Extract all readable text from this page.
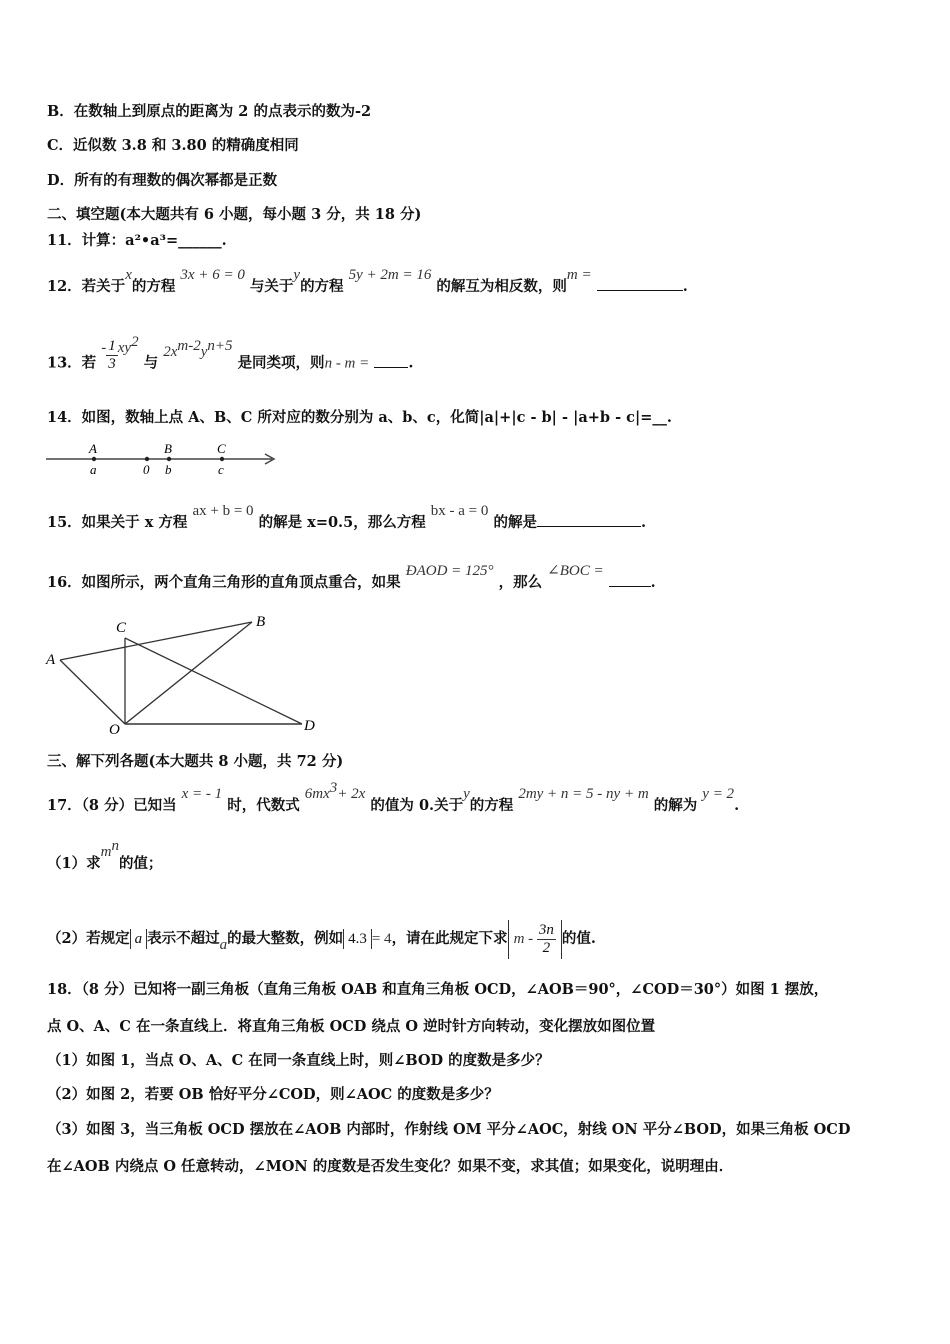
B．在数轴上到原点的距离为 2 的点表示的数为-2
C．近似数 3.8 和 3.80 的精确度相同
D．所有的有理数的偶次幂都是正数
二、填空题(本大题共有 6 小题，每小题 3 分，共 18 分)
11．计算：a²•a³=______.
12．若关于x的方程 3x + 6 = 0 与关于y的方程 5y + 2m = 16 的解互为相反数，则m = .
13．若 - $\frac{1}{3} xy^2$ 与 $2x^{m-2}y^{n+5}$ 是同类项，则n - m =	.
14．如图，数轴上点 A、B、C 所对应的数分别为 a、b、c，化简|a|+|c - b| - |a+b - c|=__.
A	B	C
a	0 b	c
15．如果关于 x 方程 ax + b = 0 的解是 x=0.5，那么方程 bx - a = 0 的解是	.
16．如图所示，两个直角三角形的直角顶点重合，如果 ÐAOD = 125° ，那么 ∠BOC = .
A
B
C
O	D
三、解下列各题(本大题共 8 小题，共 72 分)
17．（8 分）已知当 x = - 1 时，代数式 $6mx^3+ 2x$ 的值为 0.关于y的方程 2my + n = 5 - ny + m 的解为 y = 2.
（1）求$m^n$的值；
（2）若规定 a 表示不超过a的最大整数，例如 4.3 = 4，请在此规定下求 m - $\frac{3n}{2}$ 的值.
18．（8 分）已知将一副三角板（直角三角板 OAB 和直角三角板 OCD，∠AOB＝90°，∠COD＝30°）如图 1 摆放，
点 O、A、C 在一条直线上．将直角三角板 OCD 绕点 O 逆时针方向转动，变化摆放如图位置
（1）如图 1，当点 O、A、C 在同一条直线上时，则∠BOD 的度数是多少？
（2）如图 2，若要 OB 恰好平分∠COD，则∠AOC 的度数是多少？
（3）如图 3，当三角板 OCD 摆放在∠AOB 内部时，作射线 OM 平分∠AOC，射线 ON 平分∠BOD，如果三角板 OCD
在∠AOB 内绕点 O 任意转动，∠MON 的度数是否发生变化？如果不变，求其值；如果变化，说明理由．
